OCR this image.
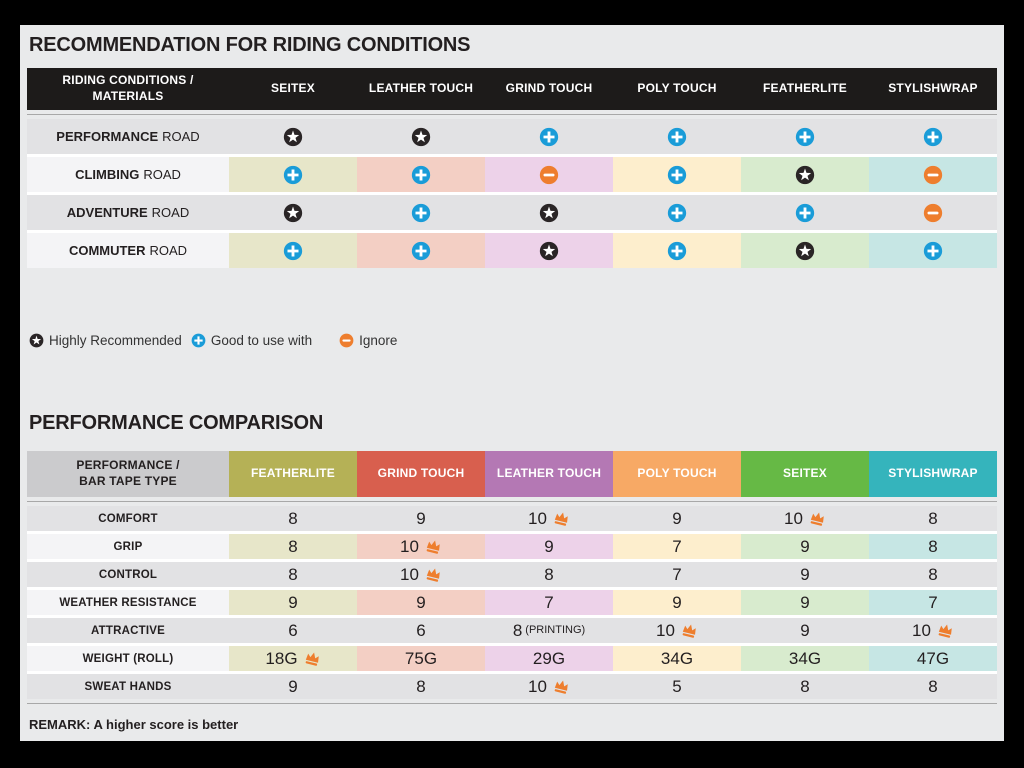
RECOMMENDATION FOR RIDING CONDITIONS
RIDING CONDITIONS /
MATERIALS
SEITEX	LEATHER TOUCH	GRIND TOUCH	POLY TOUCH	FEATHERLITE	STYLISHWRAP
PERFORMANCE ROAD
CLIMBING ROAD
ADVENTURE ROAD
COMMUTER ROAD
Highly Recommended Good to use with	Ignore
PERFORMANCE COMPARISON
PERFORMANCE /
BAR TAPE TYPE
FEATHERLITE	GRIND TOUCH	LEATHER TOUCH	POLY TOUCH	SEITEX	STYLISHWRAP
COMFORT	8	9	10	9	10	8
GRIP	8	10	9	7	9	8
CONTROL	8	10	8	7	9	8
WEATHER RESISTANCE	9	9	7	9	9	7
ATTRACTIVE	6	6	8 (PRINTING)	10	9	10
WEIGHT (ROLL)	18G	75G	29G	34G	34G	47G
SWEAT HANDS	9	8	10	5	8	8
REMARK: A higher score is better
